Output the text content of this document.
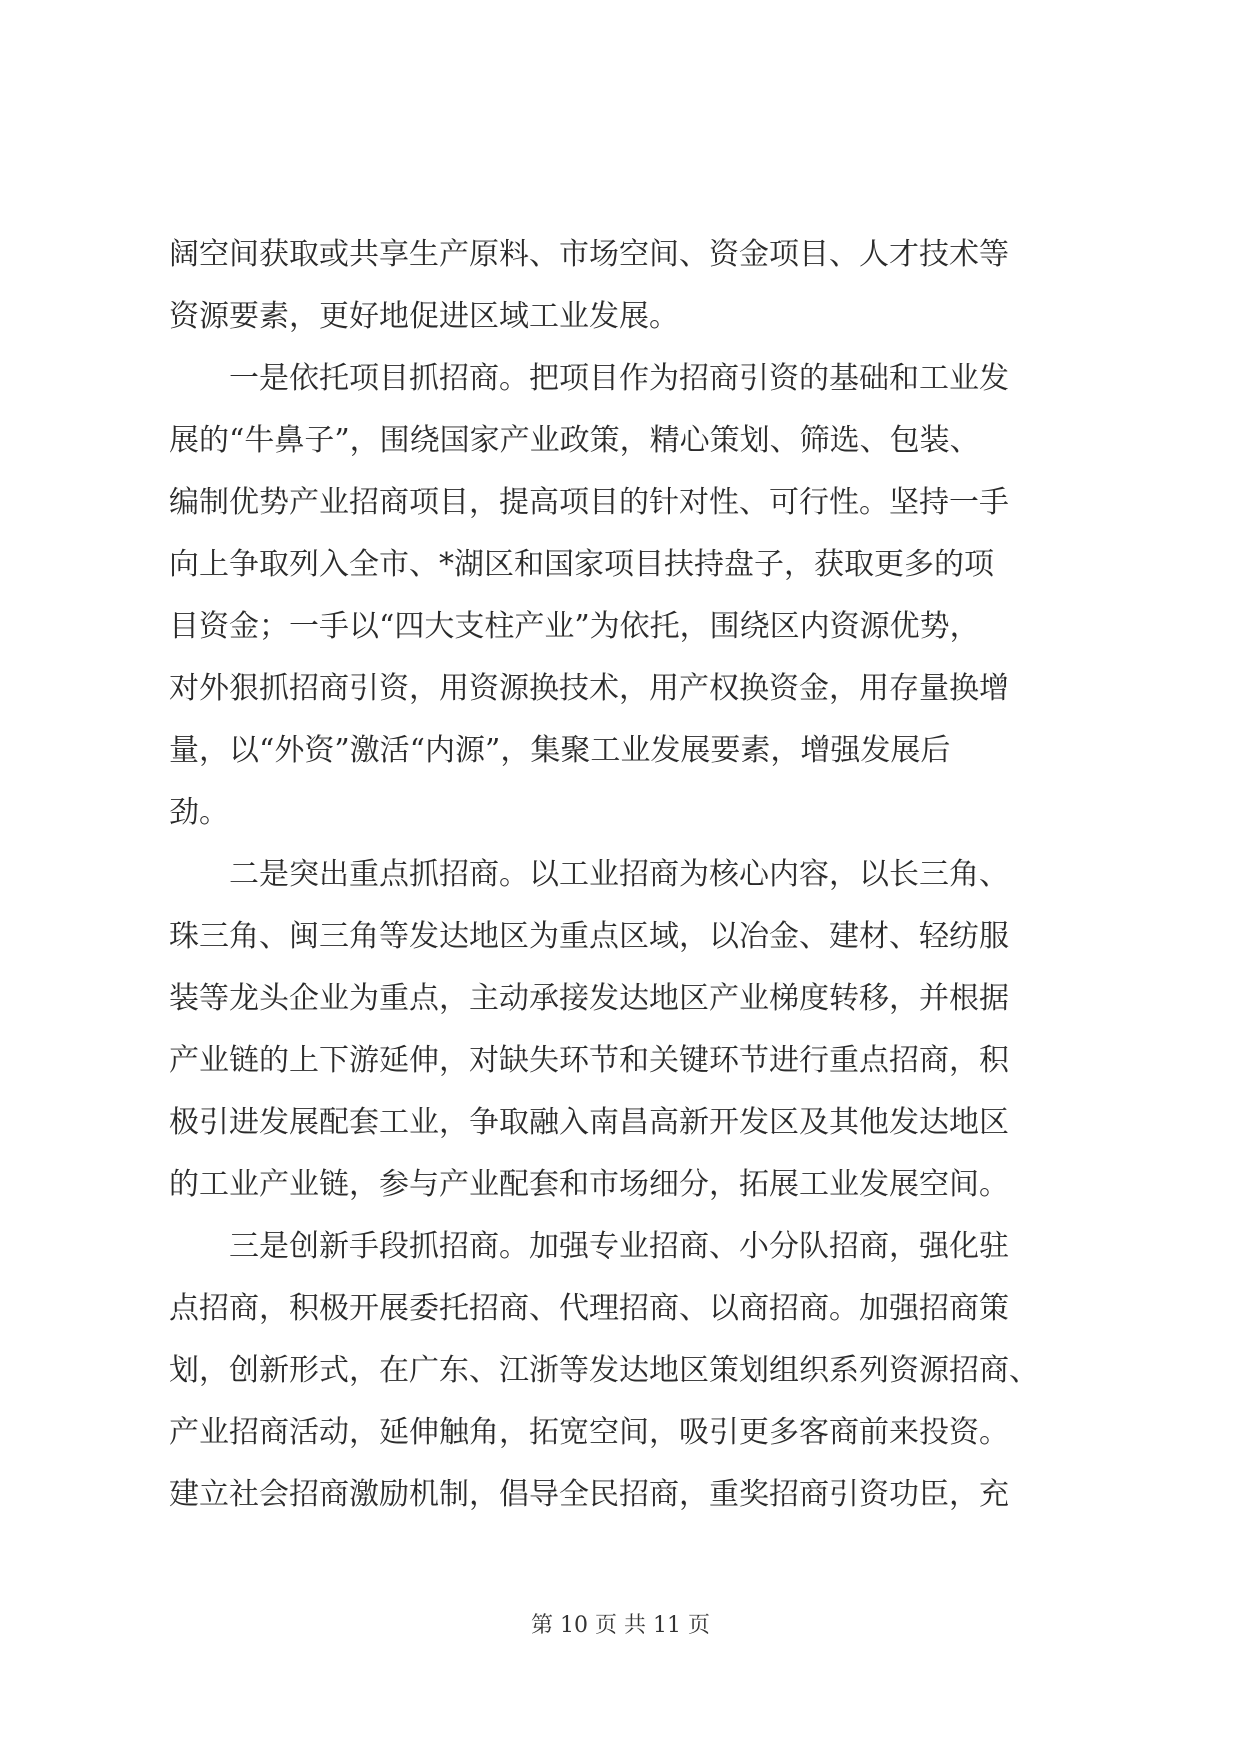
阔空间获取或共享生产原料、市场空间、资金项目、人才技术等

资源要素，更好地促进区域工业发展。

　　一是依托项目抓招商。把项目作为招商引资的基础和工业发

展的“牛鼻子”，围绕国家产业政策，精心策划、筛选、包装、

编制优势产业招商项目，提高项目的针对性、可行性。坚持一手

向上争取列入全市、*湖区和国家项目扶持盘子，获取更多的项

目资金；一手以“四大支柱产业”为依托，围绕区内资源优势，

对外狠抓招商引资，用资源换技术，用产权换资金，用存量换增

量，以“外资”激活“内源”，集聚工业发展要素，增强发展后

劲。

　　二是突出重点抓招商。以工业招商为核心内容，以长三角、

珠三角、闽三角等发达地区为重点区域，以冶金、建材、轻纺服

装等龙头企业为重点，主动承接发达地区产业梯度转移，并根据

产业链的上下游延伸，对缺失环节和关键环节进行重点招商，积

极引进发展配套工业，争取融入南昌高新开发区及其他发达地区

的工业产业链，参与产业配套和市场细分，拓展工业发展空间。

　　三是创新手段抓招商。加强专业招商、小分队招商，强化驻

点招商，积极开展委托招商、代理招商、以商招商。加强招商策

划，创新形式，在广东、江浙等发达地区策划组织系列资源招商、

产业招商活动，延伸触角，拓宽空间，吸引更多客商前来投资。

建立社会招商激励机制，倡导全民招商，重奖招商引资功臣，充

第 10 页 共 11 页
